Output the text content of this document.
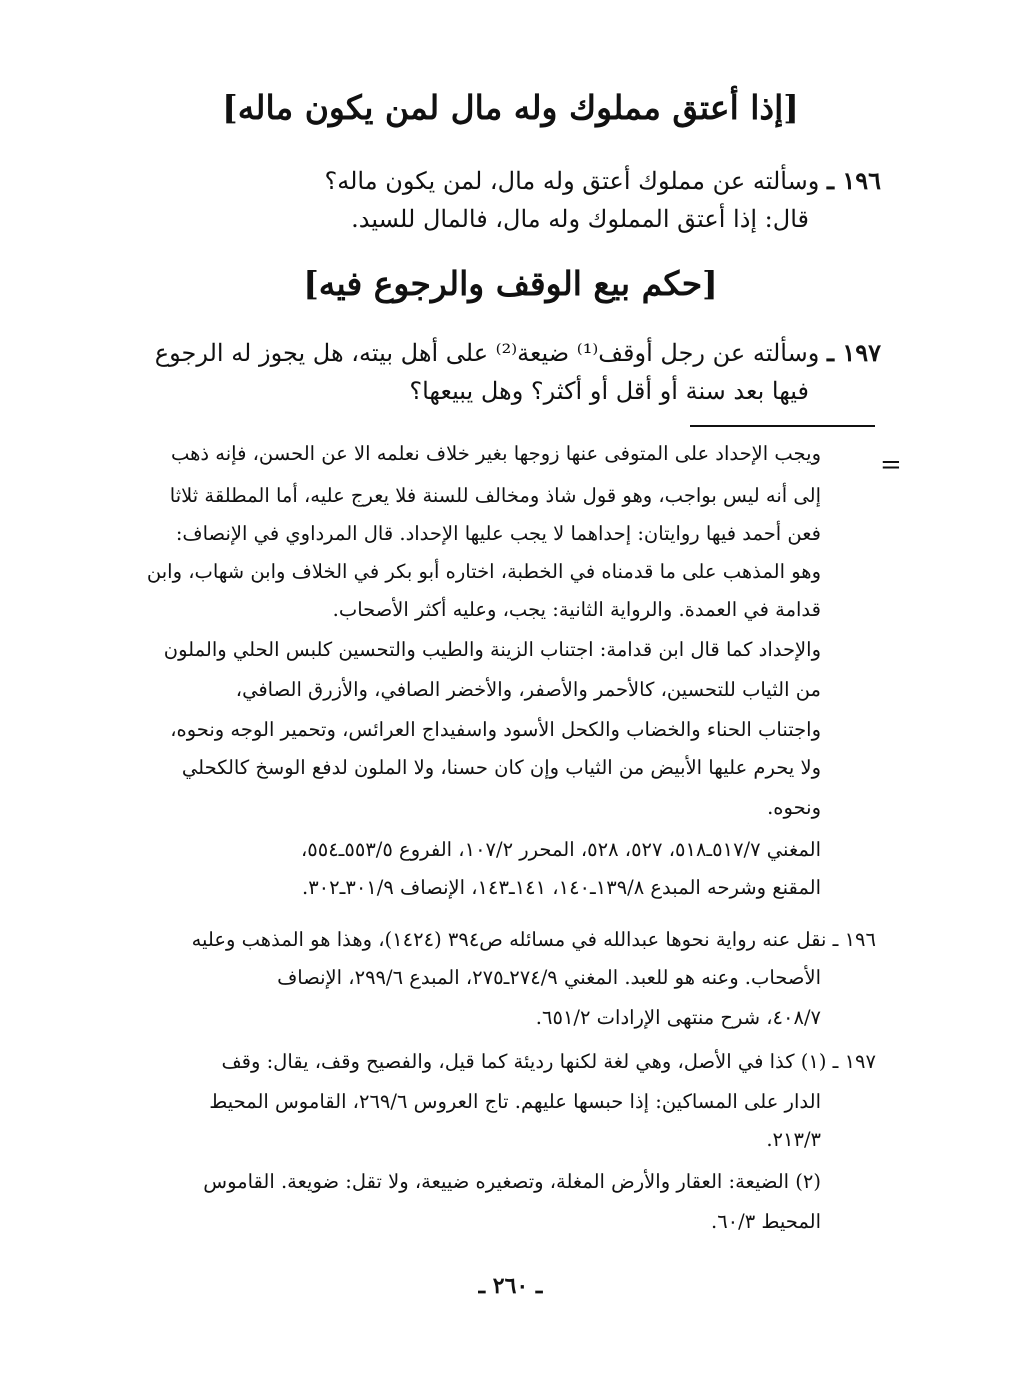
[إذا أعتق مملوك وله مال لمن يكون ماله]
١٩٦ ـ وسألته عن مملوك أعتق وله مال، لمن يكون ماله؟
قال: إذا أعتق المملوك وله مال، فالمال للسيد.
[حكم بيع الوقف والرجوع فيه]
١٩٧ ـ وسألته عن رجل أوقف⁽¹⁾ ضيعة⁽²⁾ على أهل بيته، هل يجوز له الرجوع
فيها بعد سنة أو أقل أو أكثر؟ وهل يبيعها؟
=
ويجب الإحداد على المتوفى عنها زوجها بغير خلاف نعلمه الا عن الحسن، فإنه ذهب
إلى أنه ليس بواجب، وهو قول شاذ ومخالف للسنة فلا يعرج عليه، أما المطلقة ثلاثا
فعن أحمد فيها روايتان: إحداهما لا يجب عليها الإحداد. قال المرداوي في الإنصاف:
وهو المذهب على ما قدمناه في الخطبة، اختاره أبو بكر في الخلاف وابن شهاب، وابن
قدامة في العمدة. والرواية الثانية: يجب، وعليه أكثر الأصحاب.
والإحداد كما قال ابن قدامة: اجتناب الزينة والطيب والتحسين كلبس الحلي والملون
من الثياب للتحسين، كالأحمر والأصفر، والأخضر الصافي، والأزرق الصافي،
واجتناب الحناء والخضاب والكحل الأسود واسفيداج العرائس، وتحمير الوجه ونحوه،
ولا يحرم عليها الأبيض من الثياب وإن كان حسنا، ولا الملون لدفع الوسخ كالكحلي
ونحوه.
المغني ٥١٧/٧ـ٥١٨، ٥٢٧، ٥٢٨، المحرر ١٠٧/٢، الفروع ٥٥٣/٥ـ٥٥٤،
المقنع وشرحه المبدع ١٣٩/٨ـ١٤٠، ١٤١ـ١٤٣، الإنصاف ٣٠١/٩ـ٣٠٢.
١٩٦ ـ نقل عنه رواية نحوها عبدالله في مسائله ص٣٩٤ (١٤٢٤)، وهذا هو المذهب وعليه
الأصحاب. وعنه هو للعبد. المغني ٢٧٤/٩ـ٢٧٥، المبدع ٢٩٩/٦، الإنصاف
٤٠٨/٧، شرح منتهى الإرادات ٦٥١/٢.
١٩٧ ـ (١) كذا في الأصل، وهي لغة لكنها رديئة كما قيل، والفصيح وقف، يقال: وقف
الدار على المساكين: إذا حبسها عليهم. تاج العروس ٢٦٩/٦، القاموس المحيط
٢١٣/٣.
(٢) الضيعة: العقار والأرض المغلة، وتصغيره ضييعة، ولا تقل: ضويعة. القاموس
المحيط ٦٠/٣.
ـ ٢٦٠ ـ
